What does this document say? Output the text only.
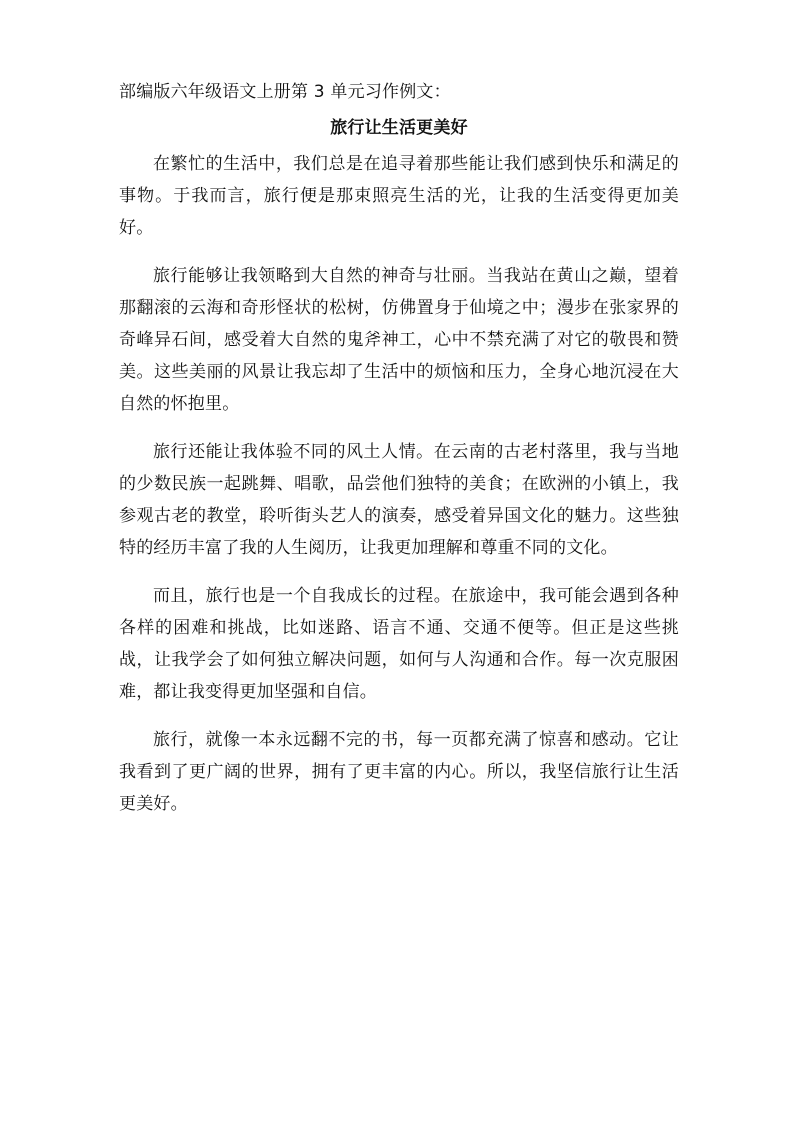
部编版六年级语文上册第 3 单元习作例文：

旅行让生活更美好

在繁忙的生活中，我们总是在追寻着那些能让我们感到快乐和满足的事物。于我而言，旅行便是那束照亮生活的光，让我的生活变得更加美好。

旅行能够让我领略到大自然的神奇与壮丽。当我站在黄山之巅，望着那翻滚的云海和奇形怪状的松树，仿佛置身于仙境之中；漫步在张家界的奇峰异石间，感受着大自然的鬼斧神工，心中不禁充满了对它的敬畏和赞美。这些美丽的风景让我忘却了生活中的烦恼和压力，全身心地沉浸在大自然的怀抱里。

旅行还能让我体验不同的风土人情。在云南的古老村落里，我与当地的少数民族一起跳舞、唱歌，品尝他们独特的美食；在欧洲的小镇上，我参观古老的教堂，聆听街头艺人的演奏，感受着异国文化的魅力。这些独特的经历丰富了我的人生阅历，让我更加理解和尊重不同的文化。

而且，旅行也是一个自我成长的过程。在旅途中，我可能会遇到各种各样的困难和挑战，比如迷路、语言不通、交通不便等。但正是这些挑战，让我学会了如何独立解决问题，如何与人沟通和合作。每一次克服困难，都让我变得更加坚强和自信。

旅行，就像一本永远翻不完的书，每一页都充满了惊喜和感动。它让我看到了更广阔的世界，拥有了更丰富的内心。所以，我坚信旅行让生活更美好。
